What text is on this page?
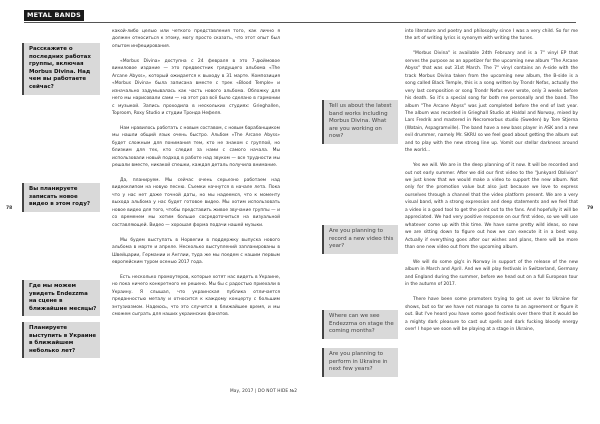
METAL BANDS
78	79
Расскажите о последних работах группы, включая Morbus Divina. Над чем вы работаете сейчас?
Вы планируете записать новое видео в этом году?
Где мы можем увидеть Endezzma на сцене в ближайшие месяцы?
Планируете выступить в Украине в ближайшем неболько лет?

какой-либо целью или четкого представления того, как лично я должен относиться к этому, могу просто сказать, что этот опыт был опытом инфецирования.

«Morbus Divina» доступна с 24 февраля в это 7-дюймовое виниловое издание — это предвестник грядущего альбома «The Arcane Abyss», который ожидается к выходу в 31 марте. Композиция «Morbus Divina» была записана вместе с трек «Blood Temple» и изначально задумывалась как часть нового альбома. Обложку для него мы нарисовали сами — на этот раз всё было сделано в гармонии с музыкой. Запись проходила в нескольких студиях: Grieghallen, Toproom, Roxy Studio и студии Тронда Нефеля.

Нам нравилось работать с новым составом, с новым барабанщиком мы нашли общий язык очень быстро. Альбом «The Arcane Abyss» будет сложным для понимания тем, кто не знаком с группой, но близким для тех, кто следил за нами с самого начала. Мы использовали новый подход в работе над звуком — все трудности мы решали вместе, никакой спешки, каждая деталь получила внимание.

Да, планируем. Мы сейчас очень серьезно работаем над видеоклипом на новую песню. Съемки начнутся в начале лета. Пока что у нас нет даже точной даты, но мы надеемся, что к моменту выхода альбома у нас будет готовое видео. Мы хотим использовать новое видео для того, чтобы представить живое звучание группы — и со временем мы хотим больше сосредоточиться на визуальной составляющей. Видео — хорошая форма подачи нашей музыки.

Мы будем выступать в Норвегии в поддержку выпуска нового альбома в марте и апреле. Несколько выступлений запланированы в Швейцарии, Германии и Англии, туда же мы поедем с нашим первым европейским туром осенью 2017 года.

Есть несколько промоутеров, которые хотят нас видеть в Украине, но пока ничего конкретного не решено. Мы бы с радостью приехали в Украину. Я слышал, что украинская публика отличается преданностью металу и относится к каждому концерту с большим энтузиазмом. Надеюсь, что это случится в ближайшее время, и мы сможем сыграть для наших украинских фанатов.

Tell us about the latest band works including Morbus Divina. What are you working on now?
Are you planning to record a new video this year?
Where can we see Endezzma on stage the coming months?
Are you planning to perform in Ukraine in next few years?

into literature and poetry and philosophy since I was a very child. So for me the art of writing lyrics is synonym with writing the tunes.

"Morbus Divina" is available 24th February and is a 7" vinyl EP that serves the purpose as an appetizer for the upcoming new album "The Arcane Abyss" that was out 31st March. The 7" vinyl contains an A-side with the track Morbus Divina taken from the upcoming new album, the B-side is a song called Black Temple, this is a song written by Trondr Nefas, actually the very last composition or song Trondr Nefas ever wrote, only 3 weeks before his death. So it's a special song for both me personally and the band. The album "The Arcane Abyss" was just completed before the end of last year. The album was recorded in Grieghall Studio at Haldal and Norway, mixed by Lars Fredrik and mastered in Necromorbus studio (Sweden) by Tore Stjerna (Watain, Aspagramville). The band have a new bass player in ASK and a new evil drummer, namely Mr. SKRU so we feel good about getting the album out and to play with the new strong line up. Vomit our stellar darkness around the world...

Yes we will. We are in the deep planning of it now. It will be recorded and out not early summer. After we did our first video to the "Junkyard Oblivion" we just knew that we would make a video to support the new album. Not only for the promotion value but also just because we love to express ourselves through a channel that the video platform present. We are a very visual band, with a strong expression and deep statements and we feel that a video is a good tool to get the point out to the fans. And hopefully it will be appreciated. We had very positive response on our first video, so we will use whatever come up with this time. We have some pretty wild ideas, so now we are sitting down to figure out how we can execute it in a best way. Actually if everything goes after our wishes and plans, there will be more than one new video out from the upcoming album.

We will do some gig's in Norway in support of the release of the new album in March and April. And we will play festivals in Switzerland, Germany and England during the summer, before we head out on a full European tour in the autumn of 2017.

There have been some promoters trying to get us over to Ukraine for shows, but so far we have not manage to come to an agreement or figure it out. But I've heard you have some good festivals over there that it would be a mighty dark pleasure to cast out spells and dark fucking bloody energy over! I hope we soon will be playing at a stage in Ukraine,

May, 2017 | DO NOT HIDE №2
